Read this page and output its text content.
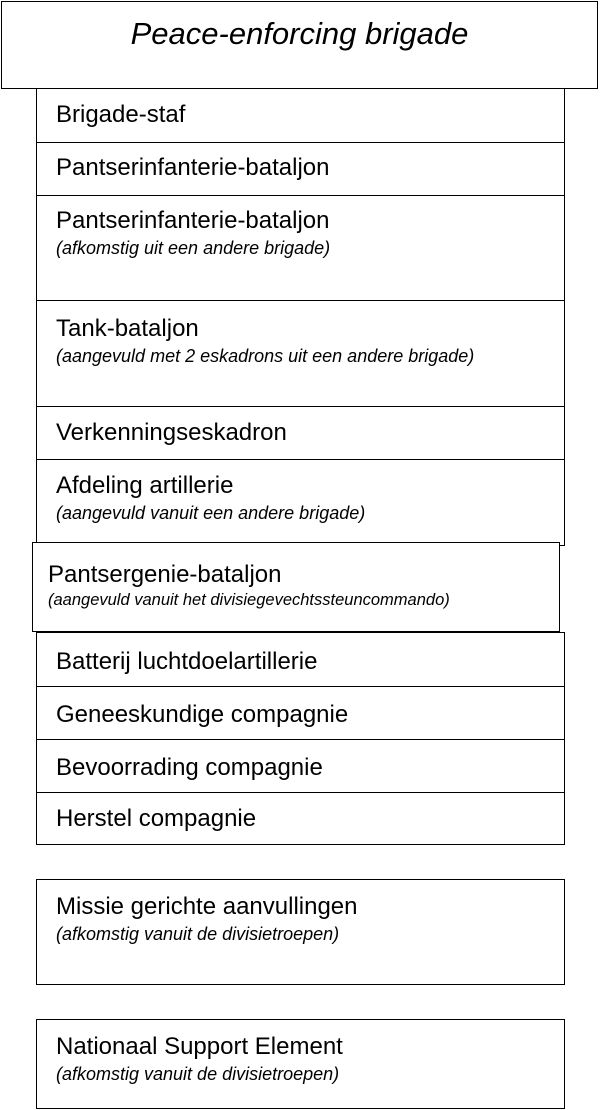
Peace-enforcing brigade
Brigade-staf
Pantserinfanterie-bataljon
Pantserinfanterie-bataljon
(afkomstig uit een andere brigade)
Tank-bataljon
(aangevuld met 2 eskadrons uit een andere brigade)
Verkenningseskadron
Afdeling artillerie
(aangevuld vanuit een andere brigade)
Pantsergenie-bataljon
(aangevuld vanuit het divisiegevechtssteuncommando)
Batterij luchtdoelartillerie
Geneeskundige compagnie
Bevoorrading compagnie
Herstel compagnie
Missie gerichte aanvullingen
(afkomstig vanuit de divisietroepen)
Nationaal Support Element
(afkomstig vanuit de divisietroepen)
